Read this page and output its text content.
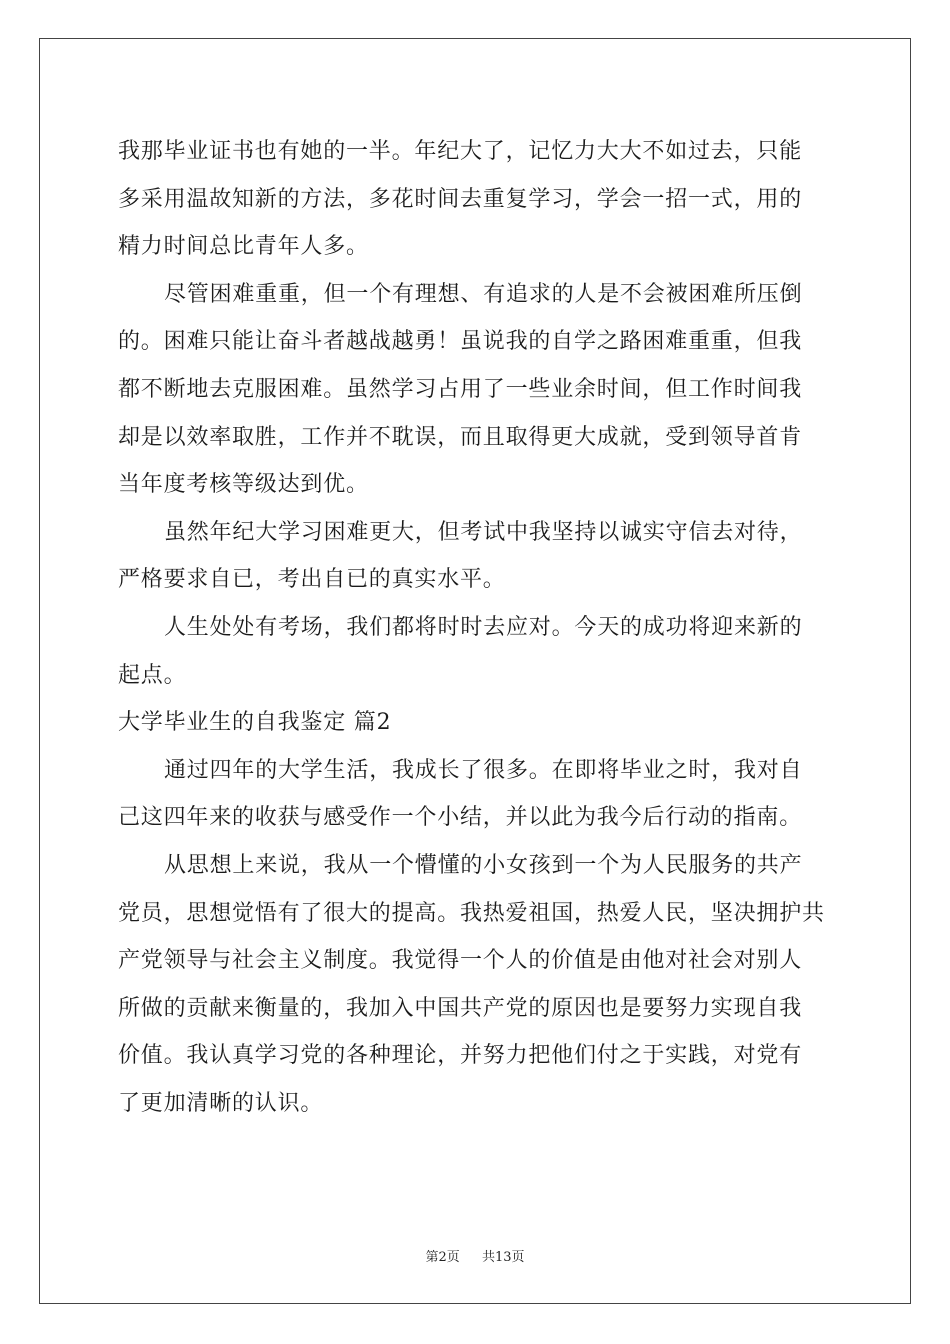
我那毕业证书也有她的一半。年纪大了，记忆力大大不如过去，只能
多采用温故知新的方法，多花时间去重复学习，学会一招一式，用的
精力时间总比青年人多。
尽管困难重重，但一个有理想、有追求的人是不会被困难所压倒
的。困难只能让奋斗者越战越勇！虽说我的自学之路困难重重，但我
都不断地去克服困难。虽然学习占用了一些业余时间，但工作时间我
却是以效率取胜，工作并不耽误，而且取得更大成就，受到领导首肯
当年度考核等级达到优。
虽然年纪大学习困难更大，但考试中我坚持以诚实守信去对待，
严格要求自已，考出自已的真实水平。
人生处处有考场，我们都将时时去应对。今天的成功将迎来新的
起点。
大学毕业生的自我鉴定 篇2
通过四年的大学生活，我成长了很多。在即将毕业之时，我对自
己这四年来的收获与感受作一个小结，并以此为我今后行动的指南。
从思想上来说，我从一个懵懂的小女孩到一个为人民服务的共产
党员，思想觉悟有了很大的提高。我热爱祖国，热爱人民，坚决拥护共
产党领导与社会主义制度。我觉得一个人的价值是由他对社会对别人
所做的贡献来衡量的，我加入中国共产党的原因也是要努力实现自我
价值。我认真学习党的各种理论，并努力把他们付之于实践，对党有
了更加清晰的认识。
第2页 共13页
